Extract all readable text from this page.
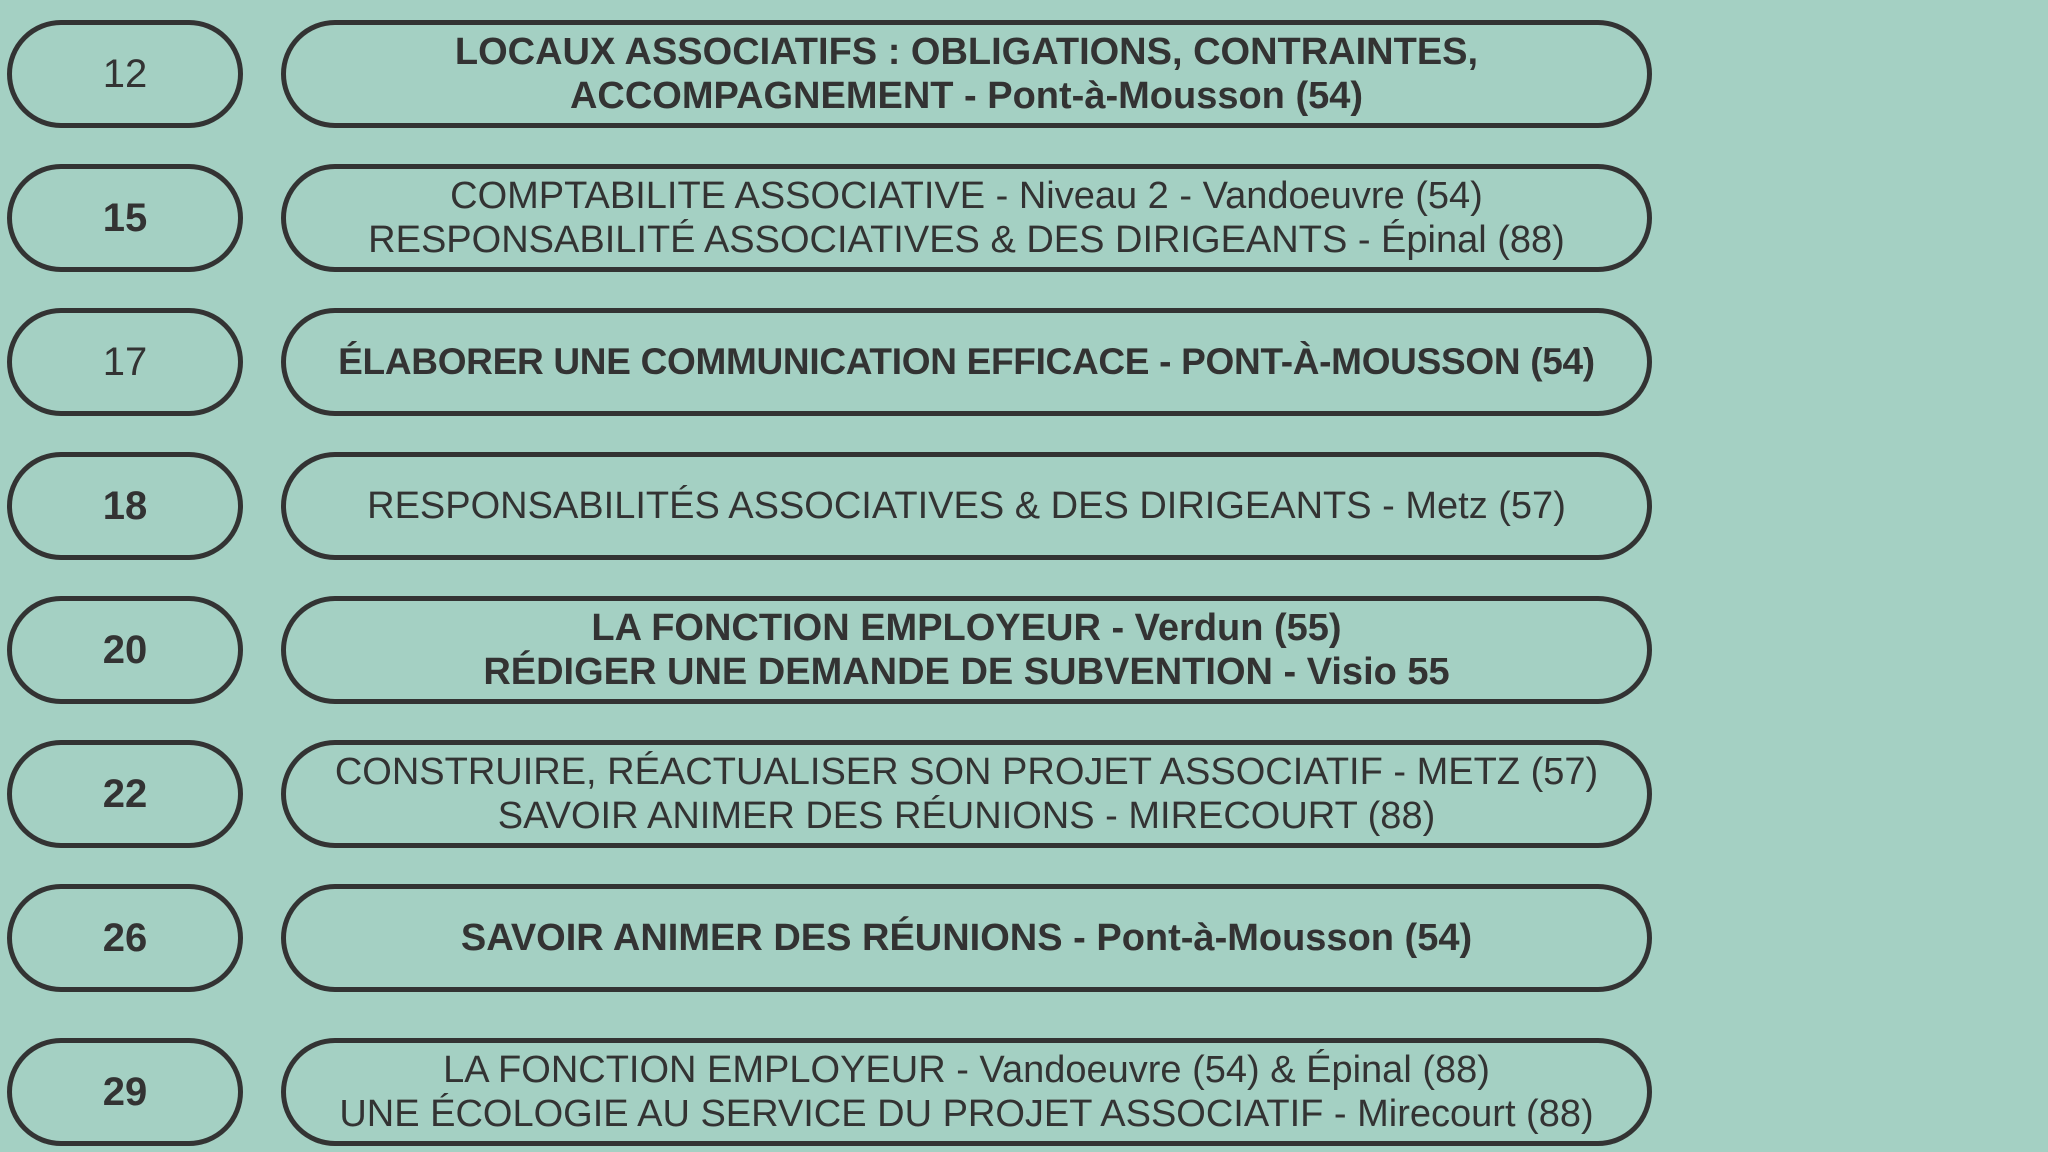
12	LOCAUX ASSOCIATIFS : OBLIGATIONS, CONTRAINTES,
ACCOMPAGNEMENT - Pont-à-Mousson (54)
15	COMPTABILITE ASSOCIATIVE - Niveau 2 - Vandoeuvre (54)
RESPONSABILITÉ ASSOCIATIVES & DES DIRIGEANTS - Épinal (88)
17	ÉLABORER UNE COMMUNICATION EFFICACE - PONT-À-MOUSSON (54)
18	RESPONSABILITÉS ASSOCIATIVES & DES DIRIGEANTS - Metz (57)
20	LA FONCTION EMPLOYEUR - Verdun (55)
RÉDIGER UNE DEMANDE DE SUBVENTION - Visio 55
22	CONSTRUIRE, RÉACTUALISER SON PROJET ASSOCIATIF - METZ (57)
SAVOIR ANIMER DES RÉUNIONS - MIRECOURT (88)
26	SAVOIR ANIMER DES RÉUNIONS - Pont-à-Mousson (54)
29	LA FONCTION EMPLOYEUR - Vandoeuvre (54) & Épinal (88)
UNE ÉCOLOGIE AU SERVICE DU PROJET ASSOCIATIF - Mirecourt (88)
